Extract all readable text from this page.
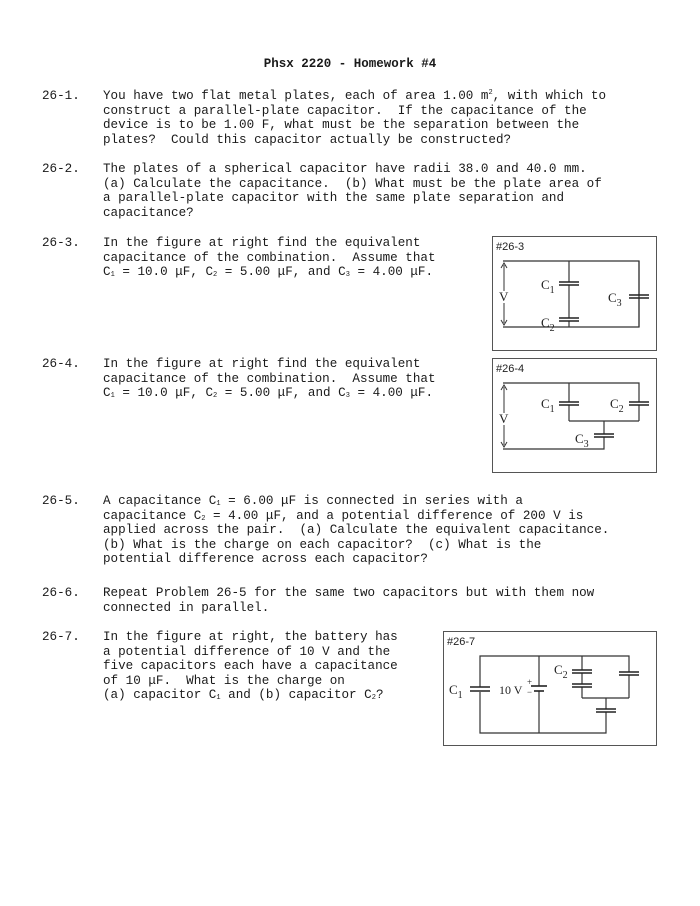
Phsx 2220 - Homework #4
26-1.	You have two flat metal plates, each of area 1.00 $m^2$, with which to
construct a parallel-plate capacitor.  If the capacitance of the
device is to be 1.00 F, what must be the separation between the
plates?  Could this capacitor actually be constructed?
26-2.	The plates of a spherical capacitor have radii 38.0 and 40.0 mm.
(a) Calculate the capacitance.  (b) What must be the plate area of
a parallel-plate capacitor with the same plate separation and
capacitance?
26-3.	In the figure at right find the equivalent
capacitance of the combination.  Assume that
$C_1 = 10.0$ μF, $C_2 = 5.00$ μF, and $C_3 = 4.00$ μF.
26-4.	In the figure at right find the equivalent
capacitance of the combination.  Assume that
$C_1 = 10.0$ μF, $C_2 = 5.00$ μF, and $C_3 = 4.00$ μF.
26-5.	A capacitance $C_1 = 6.00$ μF is connected in series with a
capacitance $C_2 = 4.00$ μF, and a potential difference of 200 V is
applied across the pair.  (a) Calculate the equivalent capacitance.
(b) What is the charge on each capacitor?  (c) What is the
potential difference across each capacitor?
26-6.	Repeat Problem 26-5 for the same two capacitors but with them now
connected in parallel.
26-7.	In the figure at right, the battery has
a potential difference of 10 V and the
five capacitors each have a capacitance
of 10 μF.  What is the charge on
(a) capacitor $C_1$ and (b) capacitor $C_2$?
#26-3
V
$C_1$
$C_2$
$C_3$
#26-4
V
$C_1$	$C_2$
$C_3$
#26-7
$C_1$	10 V
+
−
$C_2$
